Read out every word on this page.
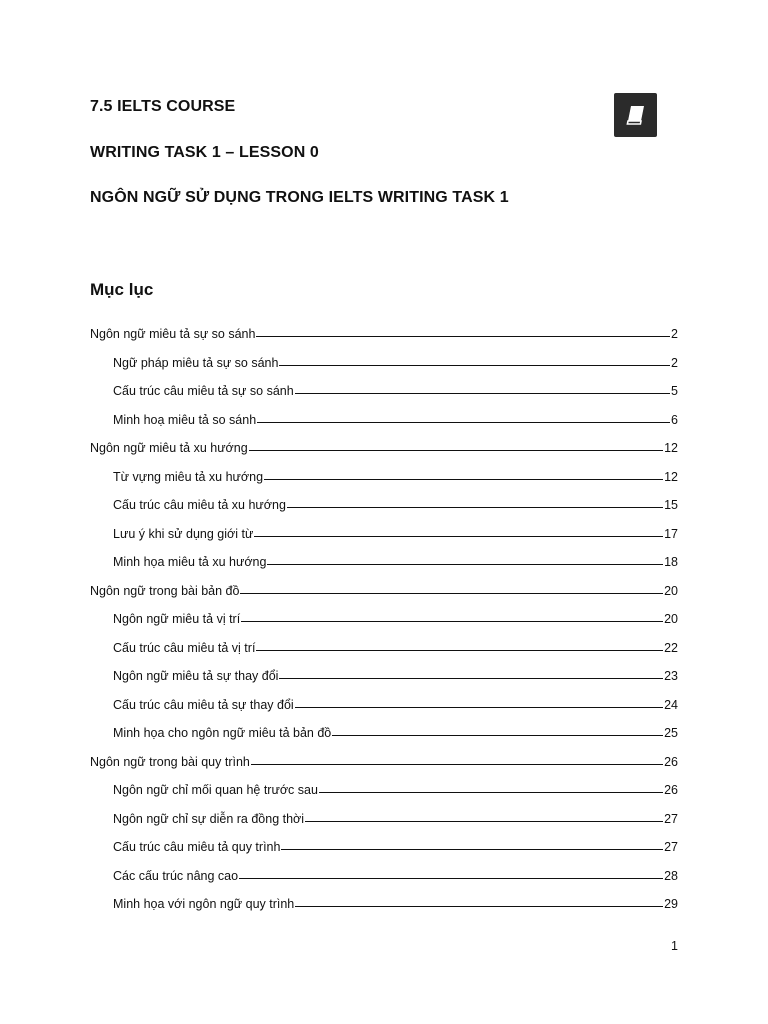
7.5 IELTS COURSE
WRITING TASK 1 – LESSON 0
NGÔN NGỮ SỬ DỤNG TRONG IELTS WRITING TASK 1
Mục lục
Ngôn ngữ miêu tả sự so sánh	2
Ngữ pháp miêu tả sự so sánh	2
Cấu trúc câu miêu tả sự so sánh	5
Minh hoạ miêu tả so sánh	6
Ngôn ngữ miêu tả xu hướng	12
Từ vựng miêu tả xu hướng	12
Cấu trúc câu miêu tả xu hướng	15
Lưu ý khi sử dụng giới từ	17
Minh họa miêu tả xu hướng	18
Ngôn ngữ trong bài bản đồ	20
Ngôn ngữ miêu tả vị trí	20
Cấu trúc câu miêu tả vị trí	22
Ngôn ngữ miêu tả sự thay đổi	23
Cấu trúc câu miêu tả sự thay đổi	24
Minh họa cho ngôn ngữ miêu tả bản đồ	25
Ngôn ngữ trong bài quy trình	26
Ngôn ngữ chỉ mối quan hệ trước sau	26
Ngôn ngữ chỉ sự diễn ra đồng thời	27
Cấu trúc câu miêu tả quy trình	27
Các cấu trúc nâng cao	28
Minh họa với ngôn ngữ quy trình	29
1
